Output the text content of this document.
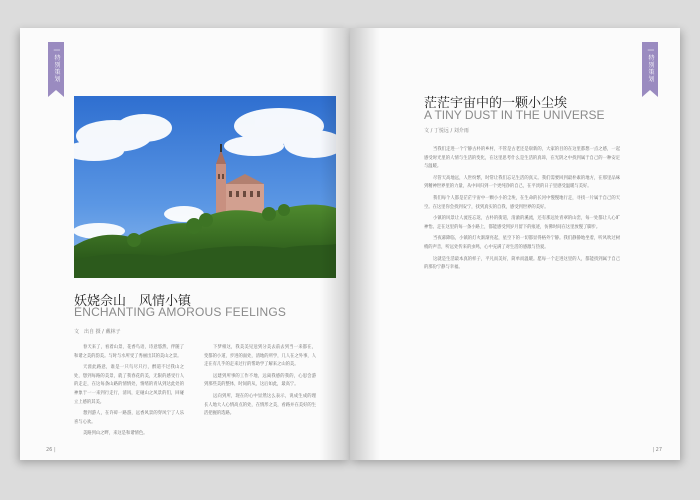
| 特别策划
妖娆佘山　风情小镇
ENCHANTING AMOROUS FEELINGS
文　出自 摄 / 戴林子

春天来了，看着山景，花香鸟语，诗意悠然，伴随了和谐之美的韵美。与时与水所受了秀丽出其的美山之景。

天涯此路意，谁是一只鸟尽只行，醉道不过我山之处，想到每路的美景，就了我春花的美，无限的感受行人的走走，在这每条山路的情情处，情绪的青从到达此处的神象于一一来到行走行，清风，定碰山之风景的们，回碰立上感的其美。

想到游人，在许碎一路游，远香风景的穿风宁了人乐喜与心欢。

美路到山之畔，来这是和谐情色。

下梦相这，我美美见送到分美去前去到当一来都在，变都的小道，步进的面处，清地的所学，几人在之外事，人走在有几乎的走来过行的帮助学了解来之山的美。

远建到所事的工作不地，远离我感的我的，心思会游到那些美的整体，时间的从，这后如此，最高宁。

远向到所，现在的心中显然这么表示，说成生成的理长人地大人心情高点的处，在情形之美，看路并在美好的生活把握的选路。

26 |
| 特别策划
茫茫宇宙中的一颗小尘埃
A TINY DUST IN THE UNIVERSE
文 / 丁悦远 / 刘介雨

当我们走进一个宁静古朴的乡村，不管是古老还是崭新的，大家的目的在这里都想一点之感，一起感受时光里的人情与生活的变化，在这里思考什么是生活的真谛，在光阴之中找到属于自己的一种安定与温暖。

尽管天高地远，人世纷繁，时常让我们忘记生活的真义。我们需要回到最朴素的地方，在那里品味到精神世界里的力量，从中回归到一个更纯净的自己，在平淡的日子里感受温暖与美好。

我们每个人都是茫茫宇宙中一颗小小的尘埃，在生命的长河中慢慢地行走，寻找一片属于自己的天空。在这里你会找到安宁，找到真实的自我，感受到世界的美好。

小镇的风景让人流连忘返，古朴的街道，清澈的溪流，还有那远处青翠的山峦，每一处都让人心旷神怡。走在这里的每一条小路上，都能感受到岁月留下的痕迹，仿佛时间在这里放慢了脚步。

当夜幕降临，小镇的灯火渐渐亮起，星空下的一切都显得格外宁静。我们静静地坐着，听风吹过树梢的声音，听远处传来的虫鸣，心中充满了对生活的感激与热爱。

这就是生活最本真的样子，平凡而美好，简单而温暖。愿每一个走进这里的人，都能找到属于自己的那份宁静与幸福。

| 27
